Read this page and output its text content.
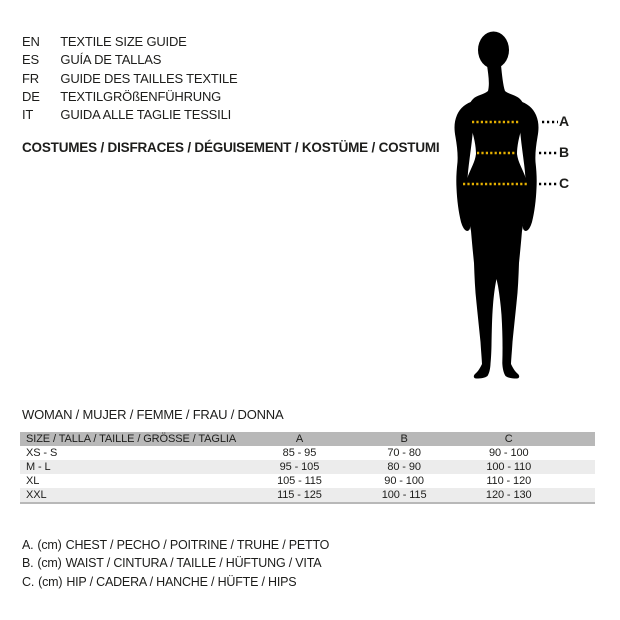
EN TEXTILE SIZE GUIDE
ES GUÍA DE TALLAS
FR GUIDE DES TAILLES TEXTILE
DE TEXTILGRÖßENFÜHRUNG
IT GUIDA ALLE TAGLIE TESSILI
COSTUMES / DISFRACES / DÉGUISEMENT / KOSTÜME / COSTUMI
A
B
C
WOMAN / MUJER / FEMME / FRAU / DONNA
SIZE / TALLA / TAILLE / GRÖSSE / TAGLIA	A	B	C	
XS - S	85 - 95	70 - 80	90 - 100	
M - L	95 - 105	80 - 90	100 - 110	
XL	105 - 115	90 - 100	110 - 120	
XXL	115 - 125	100 - 115	120 - 130	
A. (cm) CHEST / PECHO / POITRINE / TRUHE / PETTO
B. (cm) WAIST / CINTURA / TAILLE / HÜFTUNG / VITA
C. (cm) HIP / CADERA / HANCHE / HÜFTE / HIPS
